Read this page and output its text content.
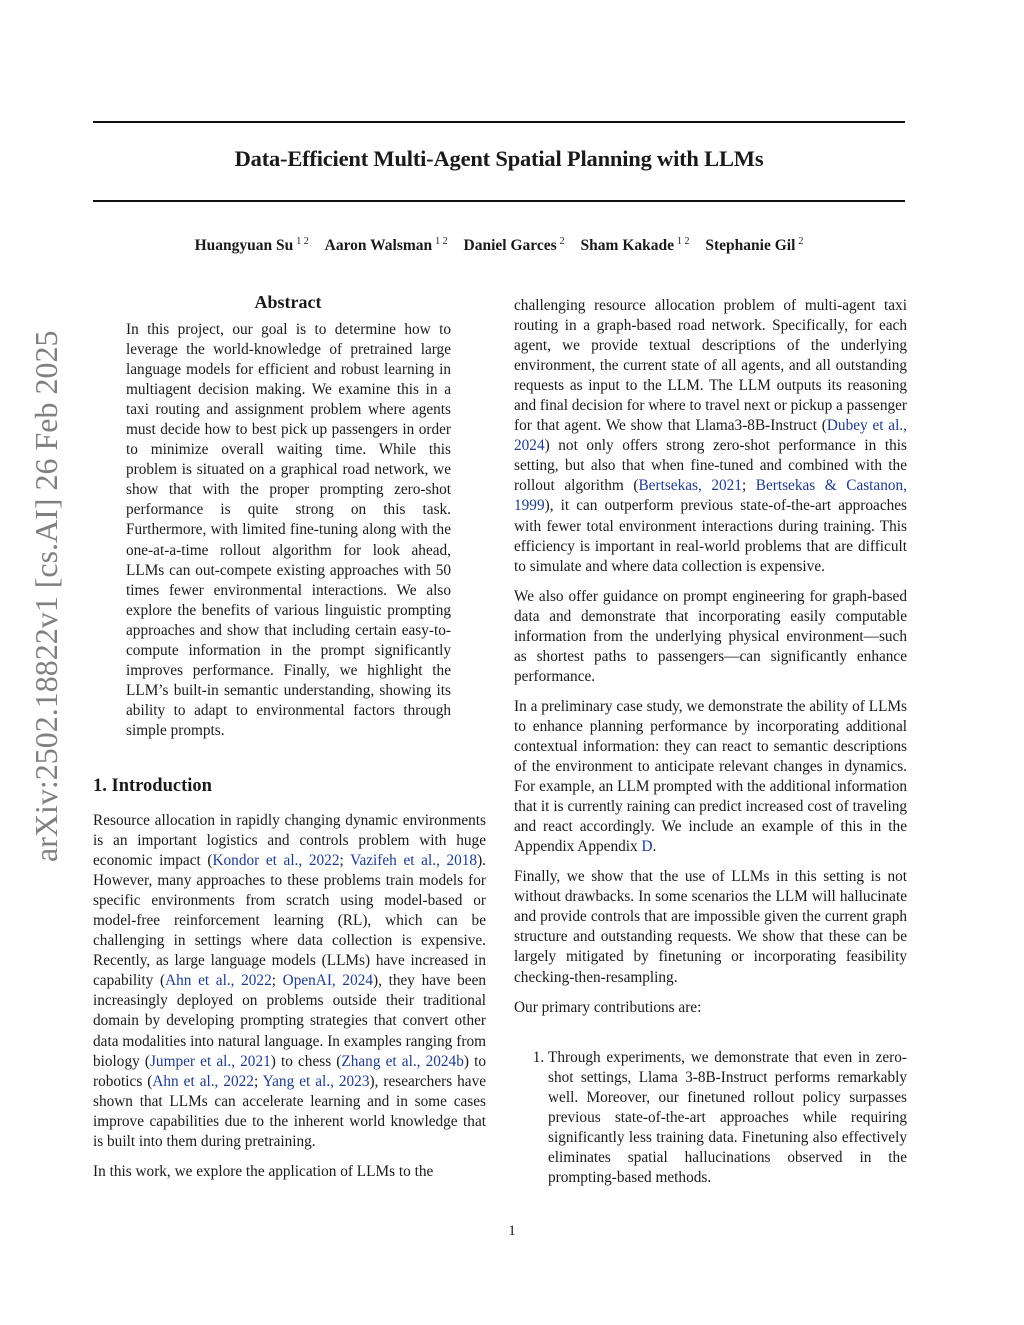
Data-Efficient Multi-Agent Spatial Planning with LLMs
Huangyuan Su $^{1 2}$ Aaron Walsman $^{1 2}$ Daniel Garces $^2$ Sham Kakade $^{1 2}$ Stephanie Gil $^2$
arXiv:2502.18822v1 [cs.AI] 26 Feb 2025
Abstract

In this project, our goal is to determine how to leverage the world-knowledge of pretrained large language models for efficient and robust learning in multiagent decision making. We examine this in a taxi routing and assignment problem where agents must decide how to best pick up passengers in order to minimize overall waiting time. While this problem is situated on a graphical road network, we show that with the proper prompting zero-shot performance is quite strong on this task. Furthermore, with limited fine-tuning along with the one-at-a-time rollout algorithm for look ahead, LLMs can out-compete existing approaches with 50 times fewer environmental interactions. We also explore the benefits of various linguistic prompting approaches and show that including certain easy-to-compute information in the prompt significantly improves performance. Finally, we highlight the LLM’s built-in semantic understanding, showing its ability to adapt to environmental factors through simple prompts.

1. Introduction

Resource allocation in rapidly changing dynamic environments is an important logistics and controls problem with huge economic impact (Kondor et al., 2022; Vazifeh et al., 2018). However, many approaches to these problems train models for specific environments from scratch using model-based or model-free reinforcement learning (RL), which can be challenging in settings where data collection is expensive. Recently, as large language models (LLMs) have increased in capability (Ahn et al., 2022; OpenAI, 2024), they have been increasingly deployed on problems outside their traditional domain by developing prompting strategies that convert other data modalities into natural language. In examples ranging from biology (Jumper et al., 2021) to chess (Zhang et al., 2024b) to robotics (Ahn et al., 2022; Yang et al., 2023), researchers have shown that LLMs can accelerate learning and in some cases improve capabilities due to the inherent world knowledge that is built into them during pretraining.

In this work, we explore the application of LLMs to the

challenging resource allocation problem of multi-agent taxi routing in a graph-based road network. Specifically, for each agent, we provide textual descriptions of the underlying environment, the current state of all agents, and all outstanding requests as input to the LLM. The LLM outputs its reasoning and final decision for where to travel next or pickup a passenger for that agent. We show that Llama3-8B-Instruct (Dubey et al., 2024) not only offers strong zero-shot performance in this setting, but also that when fine-tuned and combined with the rollout algorithm (Bertsekas, 2021; Bertsekas & Castanon, 1999), it can outperform previous state-of-the-art approaches with fewer total environment interactions during training. This efficiency is important in real-world problems that are difficult to simulate and where data collection is expensive.

We also offer guidance on prompt engineering for graph-based data and demonstrate that incorporating easily computable information from the underlying physical environment—such as shortest paths to passengers—can significantly enhance performance.

In a preliminary case study, we demonstrate the ability of LLMs to enhance planning performance by incorporating additional contextual information: they can react to semantic descriptions of the environment to anticipate relevant changes in dynamics. For example, an LLM prompted with the additional information that it is currently raining can predict increased cost of traveling and react accordingly. We include an example of this in the Appendix Appendix D.

Finally, we show that the use of LLMs in this setting is not without drawbacks. In some scenarios the LLM will hallucinate and provide controls that are impossible given the current graph structure and outstanding requests. We show that these can be largely mitigated by finetuning or incorporating feasibility checking-then-resampling.

Our primary contributions are:

1. Through experiments, we demonstrate that even in zero-shot settings, Llama 3-8B-Instruct performs remarkably well. Moreover, our finetuned rollout policy surpasses previous state-of-the-art approaches while requiring significantly less training data. Finetuning also effectively eliminates spatial hallucinations observed in the prompting-based methods.
1
